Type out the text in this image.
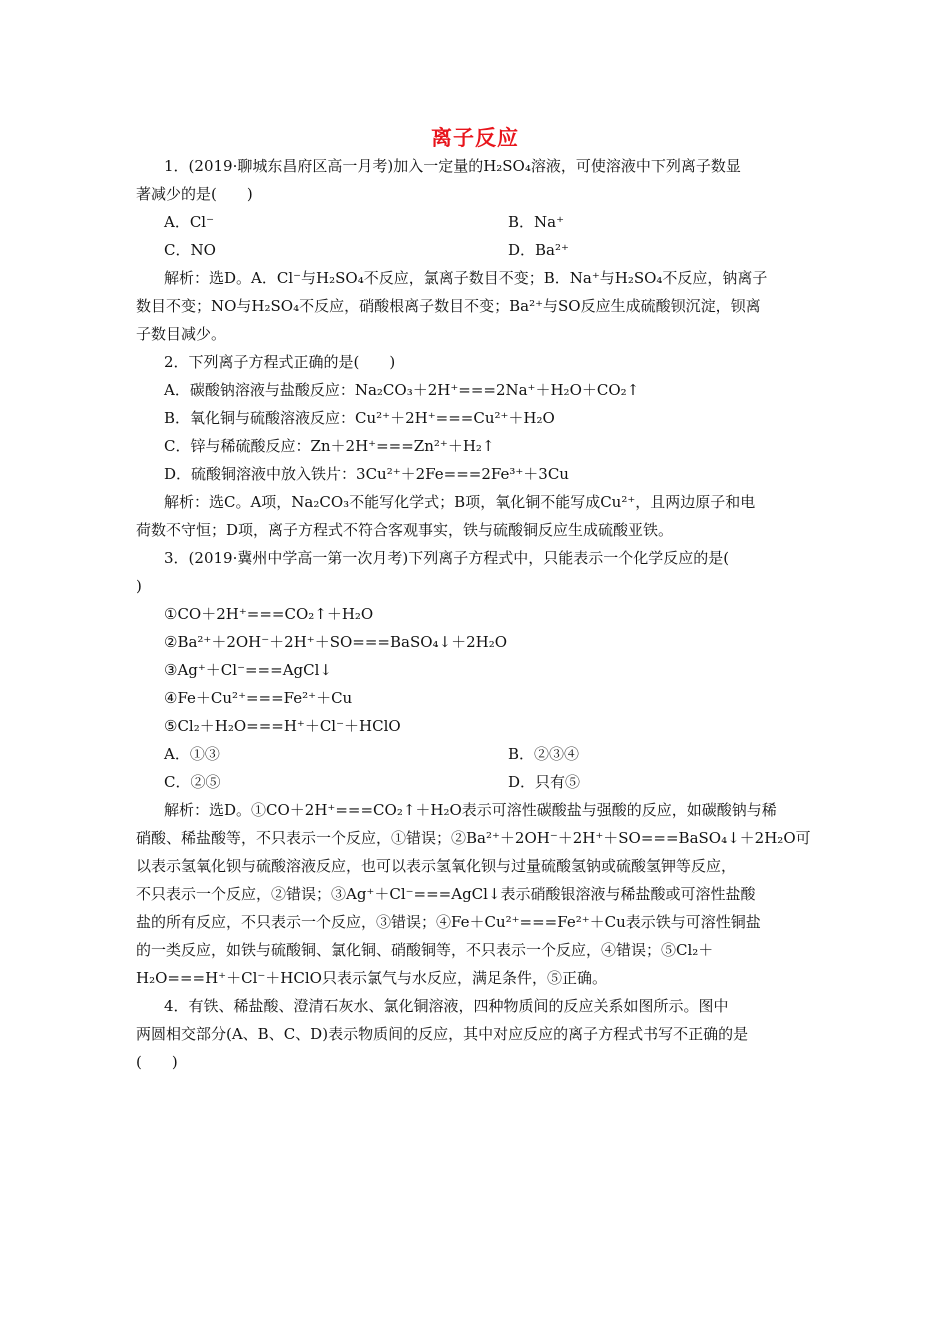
离子反应
1．(2019·聊城东昌府区高一月考)加入一定量的H₂SO₄溶液，可使溶液中下列离子数显
著减少的是(　　)
A．Cl⁻	B．Na⁺
C．NO	D．Ba²⁺
解析：选D。A．Cl⁻与H₂SO₄不反应，氯离子数目不变；B．Na⁺与H₂SO₄不反应，钠离子
数目不变；NO与H₂SO₄不反应，硝酸根离子数目不变；Ba²⁺与SO反应生成硫酸钡沉淀，钡离
子数目减少。
2．下列离子方程式正确的是(　　)
A．碳酸钠溶液与盐酸反应：Na₂CO₃＋2H⁺===2Na⁺＋H₂O＋CO₂↑
B．氧化铜与硫酸溶液反应：Cu²⁺＋2H⁺===Cu²⁺＋H₂O
C．锌与稀硫酸反应：Zn＋2H⁺===Zn²⁺＋H₂↑
D．硫酸铜溶液中放入铁片：3Cu²⁺＋2Fe===2Fe³⁺＋3Cu
解析：选C。A项，Na₂CO₃不能写化学式；B项，氧化铜不能写成Cu²⁺，且两边原子和电
荷数不守恒；D项，离子方程式不符合客观事实，铁与硫酸铜反应生成硫酸亚铁。
3．(2019·冀州中学高一第一次月考)下列离子方程式中，只能表示一个化学反应的是(
)
①CO＋2H⁺===CO₂↑＋H₂O
②Ba²⁺＋2OH⁻＋2H⁺＋SO===BaSO₄↓＋2H₂O
③Ag⁺＋Cl⁻===AgCl↓
④Fe＋Cu²⁺===Fe²⁺＋Cu
⑤Cl₂＋H₂O===H⁺＋Cl⁻＋HClO
A．①③	B．②③④
C．②⑤	D．只有⑤
解析：选D。①CO＋2H⁺===CO₂↑＋H₂O表示可溶性碳酸盐与强酸的反应，如碳酸钠与稀
硝酸、稀盐酸等，不只表示一个反应，①错误；②Ba²⁺＋2OH⁻＋2H⁺＋SO===BaSO₄↓＋2H₂O可
以表示氢氧化钡与硫酸溶液反应，也可以表示氢氧化钡与过量硫酸氢钠或硫酸氢钾等反应，
不只表示一个反应，②错误；③Ag⁺＋Cl⁻===AgCl↓表示硝酸银溶液与稀盐酸或可溶性盐酸
盐的所有反应，不只表示一个反应，③错误；④Fe＋Cu²⁺===Fe²⁺＋Cu表示铁与可溶性铜盐
的一类反应，如铁与硫酸铜、氯化铜、硝酸铜等，不只表示一个反应，④错误；⑤Cl₂＋
H₂O===H⁺＋Cl⁻＋HClO只表示氯气与水反应，满足条件，⑤正确。
4．有铁、稀盐酸、澄清石灰水、氯化铜溶液，四种物质间的反应关系如图所示。图中
两圆相交部分(A、B、C、D)表示物质间的反应，其中对应反应的离子方程式书写不正确的是
(　　)
